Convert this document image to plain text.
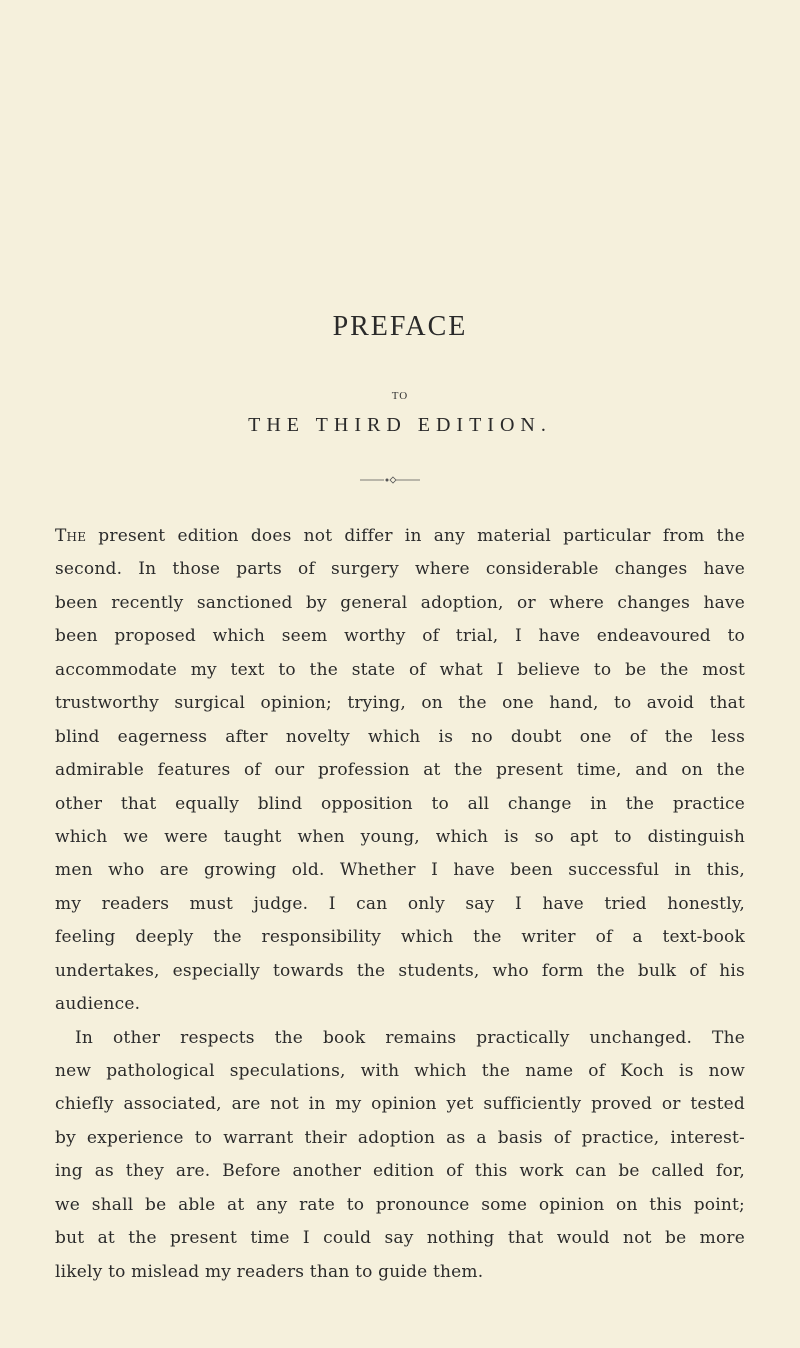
PREFACE
TO
THE THIRD EDITION.
The present edition does not differ in any material particular from the
second. In those parts of surgery where considerable changes have
been recently sanctioned by general adoption, or where changes have
been proposed which seem worthy of trial, I have endeavoured to
accommodate my text to the state of what I believe to be the most
trustworthy surgical opinion; trying, on the one hand, to avoid that
blind eagerness after novelty which is no doubt one of the less
admirable features of our profession at the present time, and on the
other that equally blind opposition to all change in the practice
which we were taught when young, which is so apt to distinguish
men who are growing old. Whether I have been successful in this,
my readers must judge. I can only say I have tried honestly,
feeling deeply the responsibility which the writer of a text-book
undertakes, especially towards the students, who form the bulk of his
audience.
In other respects the book remains practically unchanged. The
new pathological speculations, with which the name of Koch is now
chiefly associated, are not in my opinion yet sufficiently proved or tested
by experience to warrant their adoption as a basis of practice, interest-
ing as they are. Before another edition of this work can be called for,
we shall be able at any rate to pronounce some opinion on this point;
but at the present time I could say nothing that would not be more
likely to mislead my readers than to guide them.
